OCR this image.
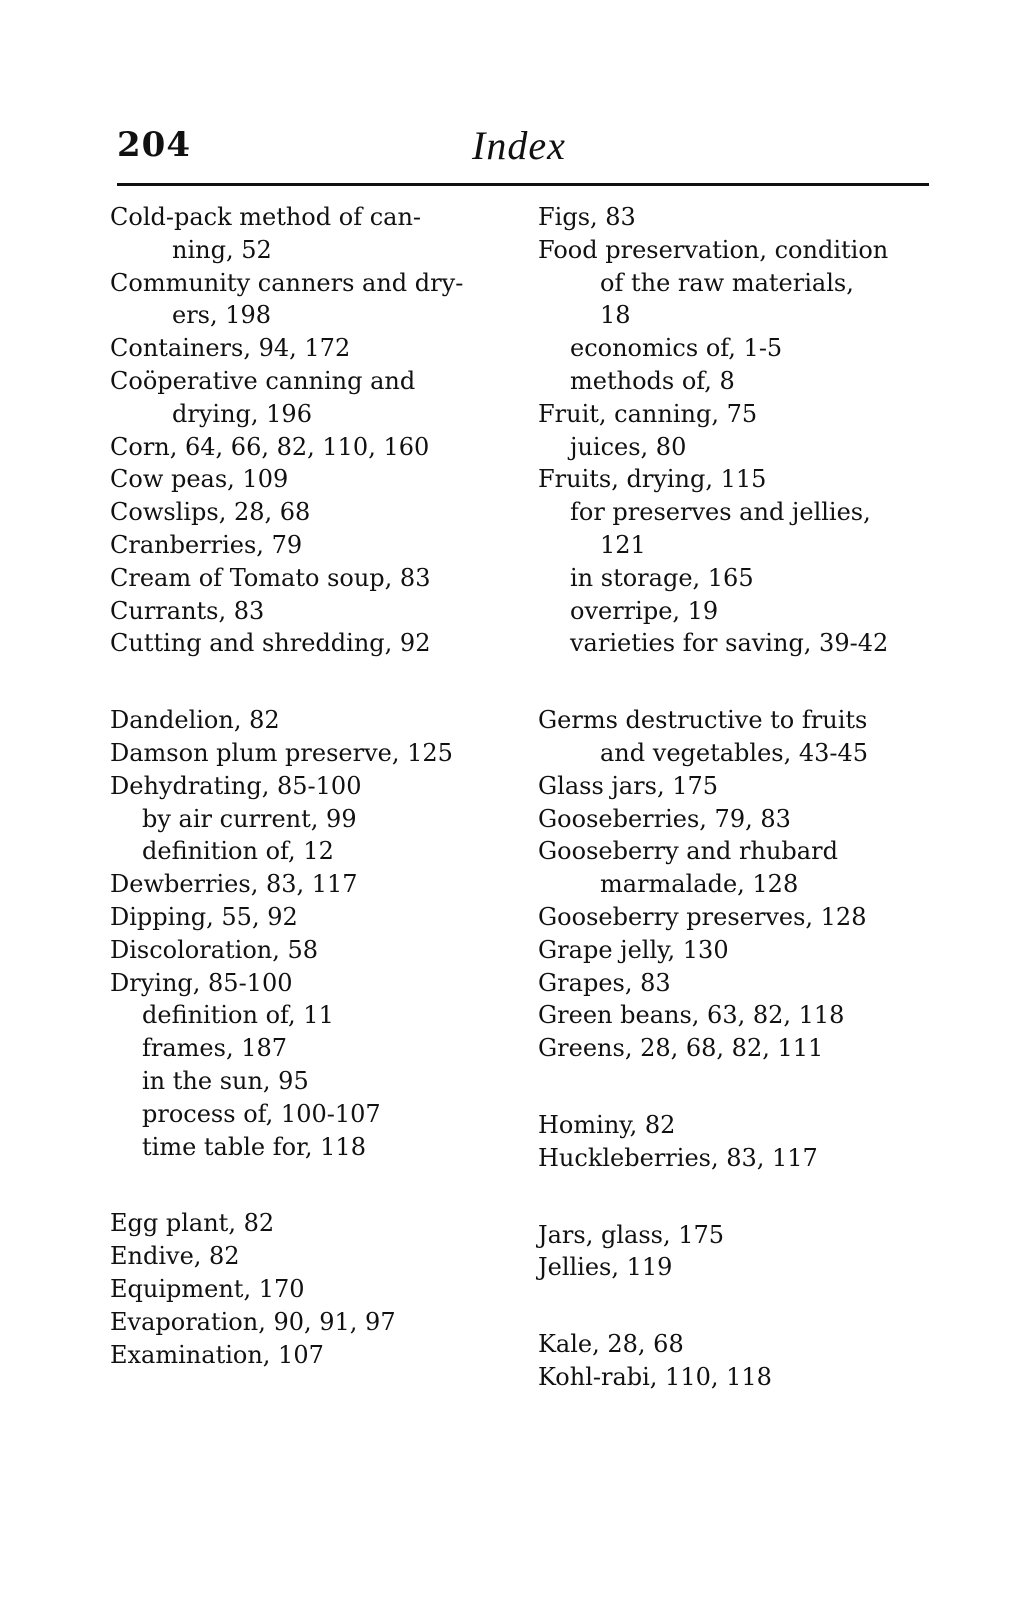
204	Index
Cold-pack method of can-
ning, 52
Community canners and dry-
ers, 198
Containers, 94, 172
Coöperative canning and
drying, 196
Corn, 64, 66, 82, 110, 160
Cow peas, 109
Cowslips, 28, 68
Cranberries, 79
Cream of Tomato soup, 83
Currants, 83
Cutting and shredding, 92
Dandelion, 82
Damson plum preserve, 125
Dehydrating, 85-100
by air current, 99
definition of, 12
Dewberries, 83, 117
Dipping, 55, 92
Discoloration, 58
Drying, 85-100
definition of, 11
frames, 187
in the sun, 95
process of, 100-107
time table for, 118
Egg plant, 82
Endive, 82
Equipment, 170
Evaporation, 90, 91, 97
Examination, 107
Figs, 83
Food preservation, condition
of the raw materials,
18
economics of, 1-5
methods of, 8
Fruit, canning, 75
juices, 80
Fruits, drying, 115
for preserves and jellies,
121
in storage, 165
overripe, 19
varieties for saving, 39-42
Germs destructive to fruits
and vegetables, 43-45
Glass jars, 175
Gooseberries, 79, 83
Gooseberry and rhubard
marmalade, 128
Gooseberry preserves, 128
Grape jelly, 130
Grapes, 83
Green beans, 63, 82, 118
Greens, 28, 68, 82, 111
Hominy, 82
Huckleberries, 83, 117
Jars, glass, 175
Jellies, 119
Kale, 28, 68
Kohl-rabi, 110, 118
